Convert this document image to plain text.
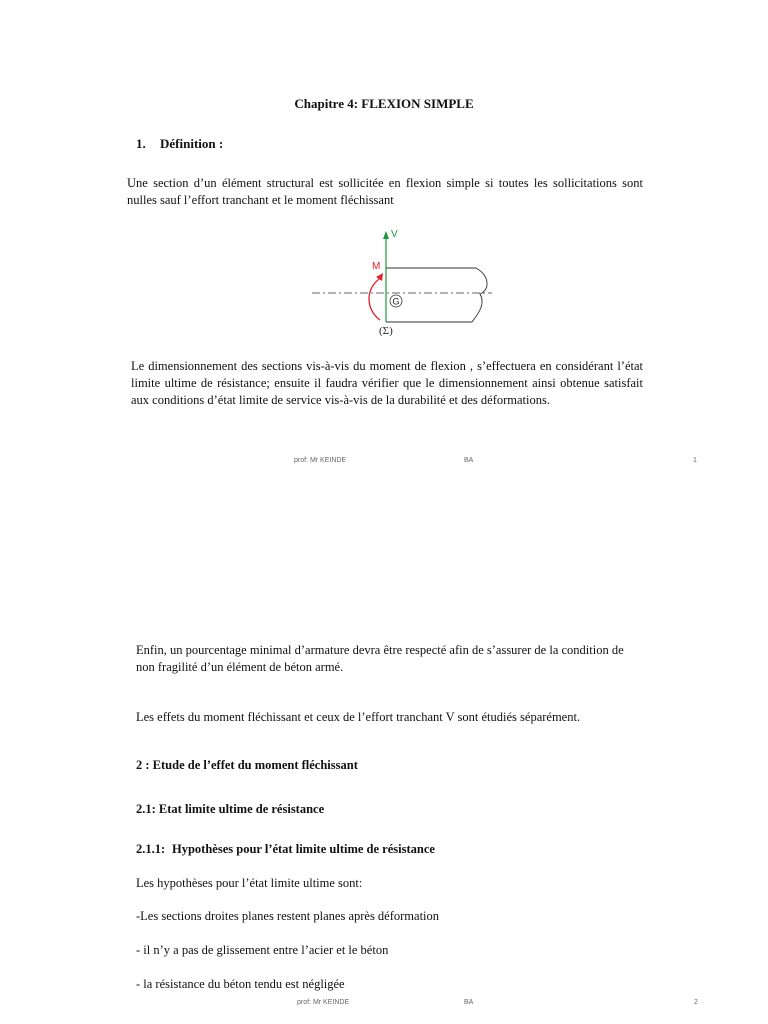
Chapitre 4: FLEXION SIMPLE
1. Définition :
Une section d’un élément structural est sollicitée en flexion simple si toutes les sollicitations sont nulles sauf l’effort tranchant et le moment fléchissant
V
M
G
(Σ)
Le dimensionnement des sections vis-à-vis du moment de flexion , s’effectuera en considérant l’état limite ultime de résistance; ensuite il faudra vérifier que le dimensionnement ainsi obtenue satisfait aux conditions d’état limite de service vis-à-vis de la durabilité et des déformations.
prof: Mr KEINDE	BA	1
Enfin, un pourcentage minimal d’armature devra être respecté afin de s’assurer de la condition de non fragilité d’un élément de béton armé.
Les effets du moment fléchissant et ceux de l’effort tranchant V sont étudiés séparément.
2 : Etude de l’effet du moment fléchissant
2.1: Etat limite ultime de résistance
2.1.1: Hypothèses pour l’état limite ultime de résistance
Les hypothèses pour l’état limite ultime sont:
-Les sections droites planes restent planes après déformation
- il n’y a pas de glissement entre l’acier et le béton
- la résistance du béton tendu est négligée
prof: Mr KEINDE	BA	2
